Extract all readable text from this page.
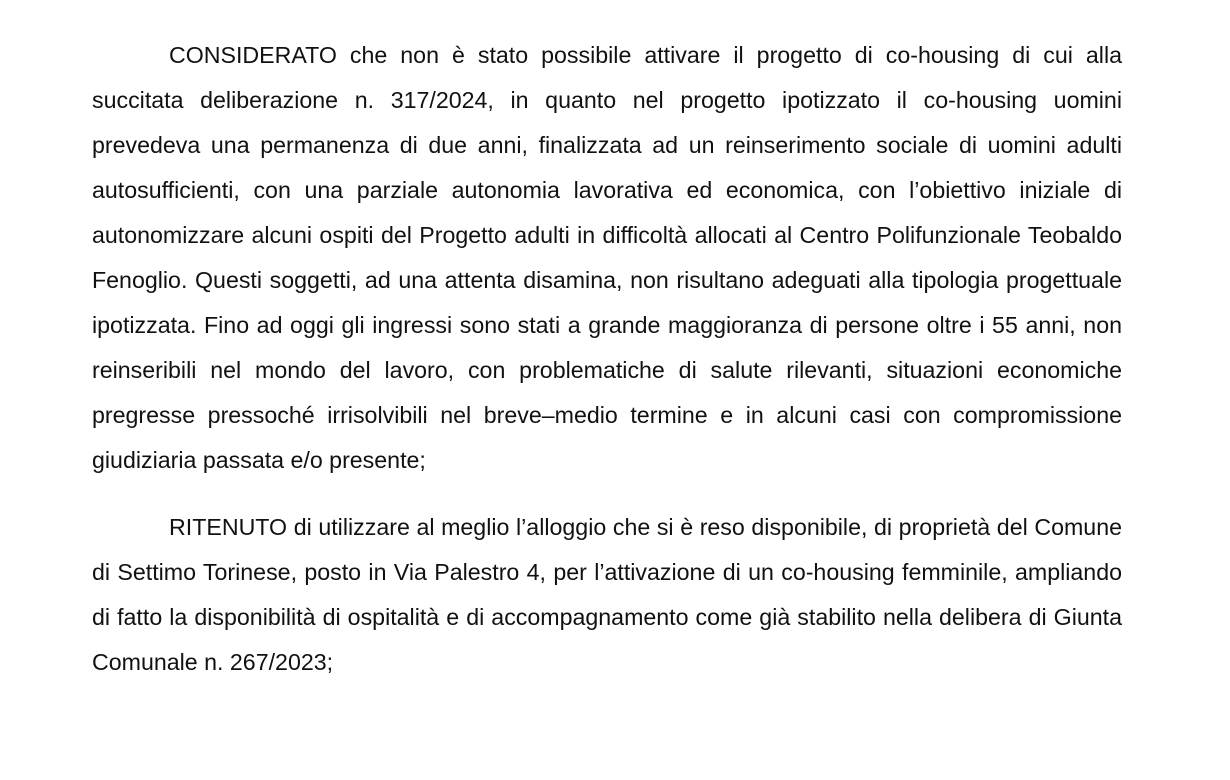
CONSIDERATO che non è stato possibile attivare il progetto di co-housing di cui alla succitata deliberazione n. 317/2024, in quanto nel progetto ipotizzato il co-housing uomini prevedeva una permanenza di due anni, finalizzata ad un reinserimento sociale di uomini adulti autosufficienti, con una parziale autonomia lavorativa ed economica, con l’obiettivo iniziale di autonomizzare alcuni ospiti del Progetto adulti in difficoltà allocati al Centro Polifunzionale Teobaldo Fenoglio. Questi soggetti, ad una attenta disamina, non risultano adeguati alla tipologia progettuale ipotizzata. Fino ad oggi gli ingressi sono stati a grande maggioranza di persone oltre i 55 anni, non reinseribili nel mondo del lavoro, con problematiche di salute rilevanti, situazioni economiche pregresse pressoché irrisolvibili nel breve–medio termine e in alcuni casi con compromissione giudiziaria passata e/o presente;

RITENUTO di utilizzare al meglio l’alloggio che si è reso disponibile, di proprietà del Comune di Settimo Torinese, posto in Via Palestro 4, per l’attivazione di un co-housing femminile, ampliando di fatto la disponibilità di ospitalità e di accompagnamento come già stabilito nella delibera di Giunta Comunale n. 267/2023;
